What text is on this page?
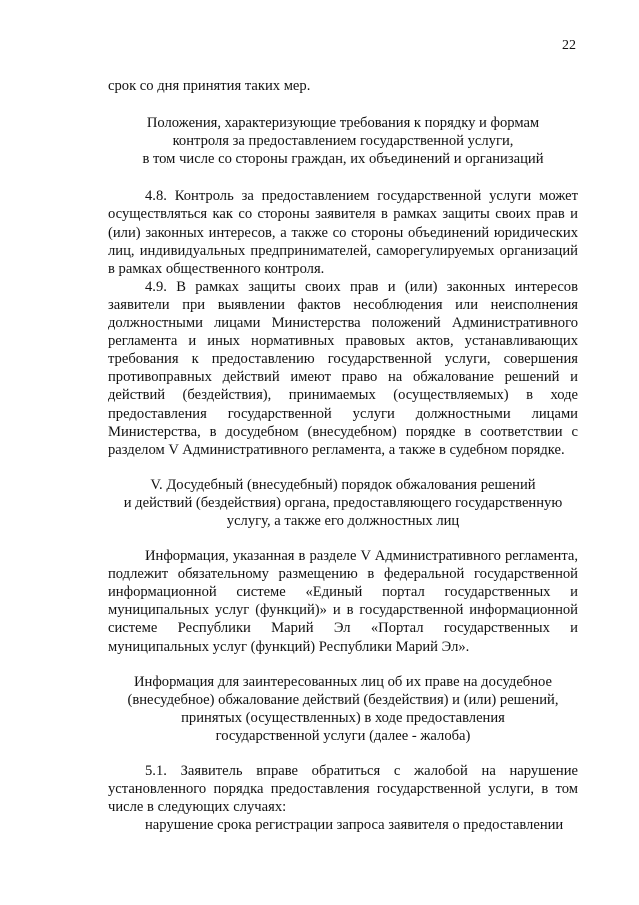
22

срок со дня принятия таких мер.

Положения, характеризующие требования к порядку и формам
контроля за предоставлением государственной услуги,
в том числе со стороны граждан, их объединений и организаций

4.8. Контроль за предоставлением государственной услуги может осуществляться как со стороны заявителя в рамках защиты своих прав и (или) законных интересов, а также со стороны объединений юридических лиц, индивидуальных предпринимателей, саморегулируемых организаций в рамках общественного контроля.

4.9. В рамках защиты своих прав и (или) законных интересов заявители при выявлении фактов несоблюдения или неисполнения должностными лицами Министерства положений Административного регламента и иных нормативных правовых актов, устанавливающих требования к предоставлению государственной услуги, совершения противоправных действий имеют право на обжалование решений и действий (бездействия), принимаемых (осуществляемых) в ходе предоставления государственной услуги должностными лицами Министерства, в досудебном (внесудебном) порядке в соответствии с разделом V Административного регламента, а также в судебном порядке.

V. Досудебный (внесудебный) порядок обжалования решений
и действий (бездействия) органа, предоставляющего государственную
услугу, а также его должностных лиц

Информация, указанная в разделе V Административного регламента, подлежит обязательному размещению в федеральной государственной информационной системе «Единый портал государственных и муниципальных услуг (функций)» и в государственной информационной системе Республики Марий Эл «Портал государственных и муниципальных услуг (функций) Республики Марий Эл».

Информация для заинтересованных лиц об их праве на досудебное
(внесудебное) обжалование действий (бездействия) и (или) решений,
принятых (осуществленных) в ходе предоставления
государственной услуги (далее - жалоба)

5.1. Заявитель вправе обратиться с жалобой на нарушение установленного порядка предоставления государственной услуги, в том числе в следующих случаях:

нарушение срока регистрации запроса заявителя о предоставлении
